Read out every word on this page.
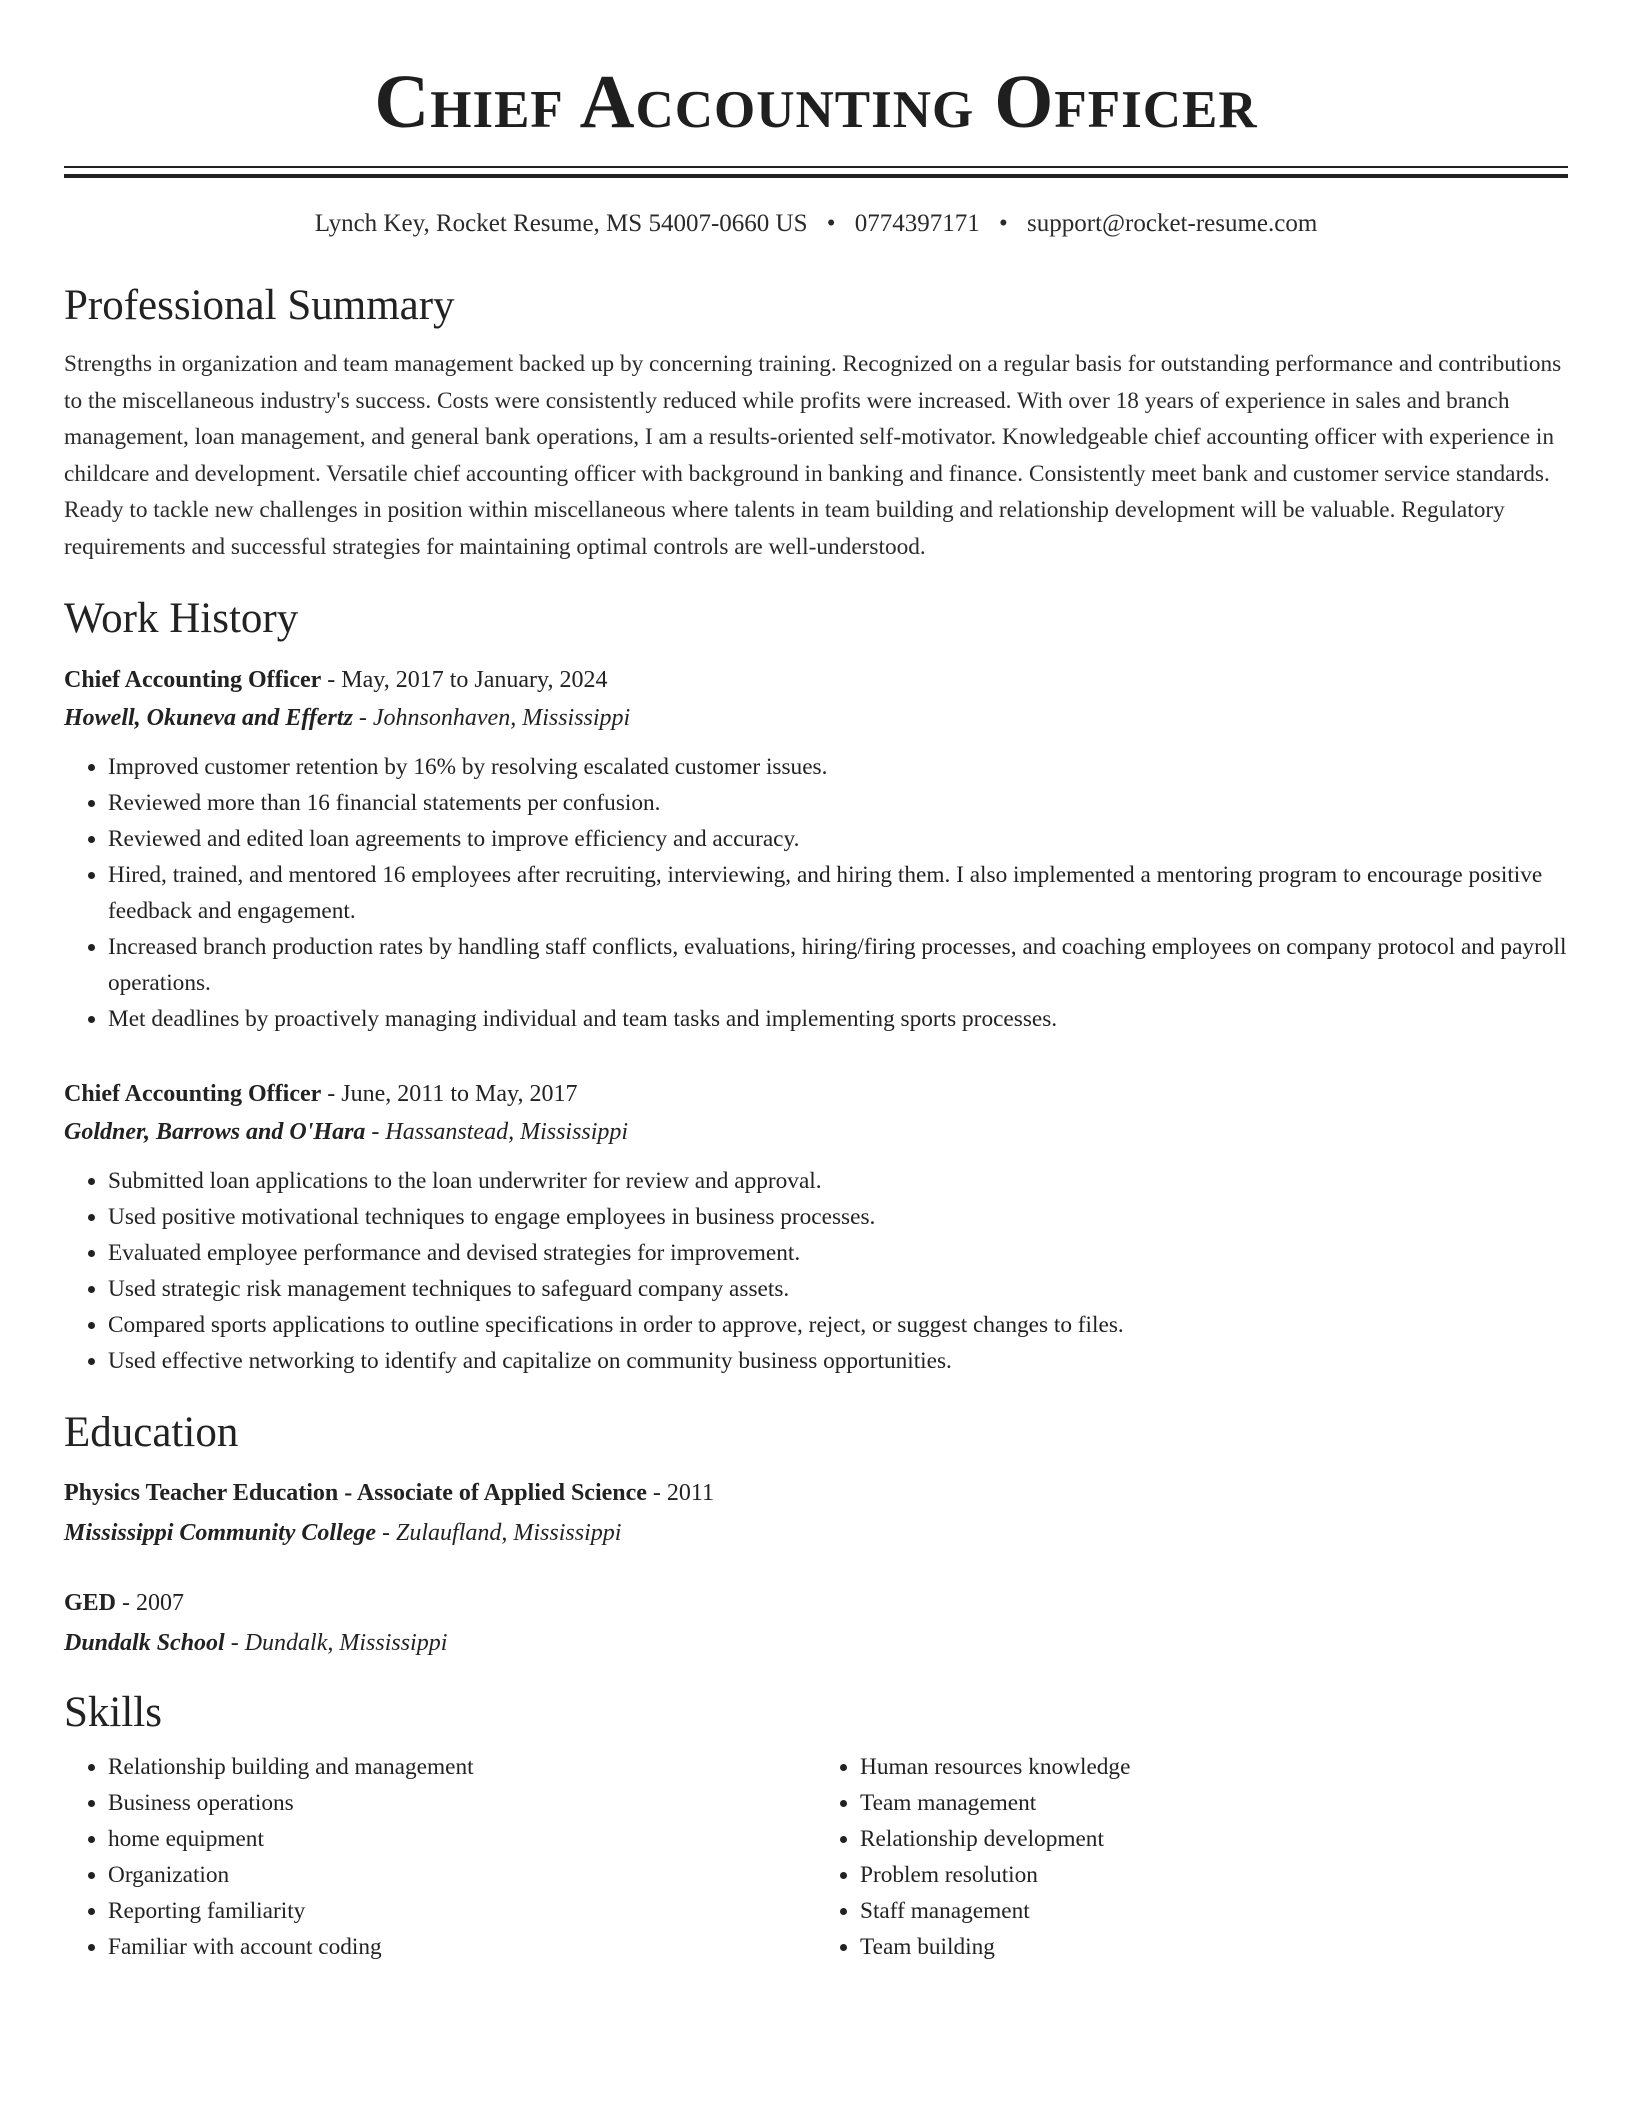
Chief Accounting Officer
Lynch Key, Rocket Resume, MS 54007-0660 US • 0774397171 • support@rocket-resume.com
Professional Summary

Strengths in organization and team management backed up by concerning training. Recognized on a regular basis for outstanding performance and contributions to the miscellaneous industry's success. Costs were consistently reduced while profits were increased. With over 18 years of experience in sales and branch management, loan management, and general bank operations, I am a results-oriented self-motivator. Knowledgeable chief accounting officer with experience in childcare and development. Versatile chief accounting officer with background in banking and finance. Consistently meet bank and customer service standards. Ready to tackle new challenges in position within miscellaneous where talents in team building and relationship development will be valuable. Regulatory requirements and successful strategies for maintaining optimal controls are well-understood.

Work History
Chief Accounting Officer - May, 2017 to January, 2024
Howell, Okuneva and Effertz - Johnsonhaven, Mississippi
• Improved customer retention by 16% by resolving escalated customer issues.
• Reviewed more than 16 financial statements per confusion.
• Reviewed and edited loan agreements to improve efficiency and accuracy.
• Hired, trained, and mentored 16 employees after recruiting, interviewing, and hiring them. I also implemented a mentoring program to encourage positive feedback and engagement.
• Increased branch production rates by handling staff conflicts, evaluations, hiring/firing processes, and coaching employees on company protocol and payroll operations.
• Met deadlines by proactively managing individual and team tasks and implementing sports processes.
Chief Accounting Officer - June, 2011 to May, 2017
Goldner, Barrows and O'Hara - Hassanstead, Mississippi
• Submitted loan applications to the loan underwriter for review and approval.
• Used positive motivational techniques to engage employees in business processes.
• Evaluated employee performance and devised strategies for improvement.
• Used strategic risk management techniques to safeguard company assets.
• Compared sports applications to outline specifications in order to approve, reject, or suggest changes to files.
• Used effective networking to identify and capitalize on community business opportunities.
Education
Physics Teacher Education - Associate of Applied Science - 2011
Mississippi Community College - Zulaufland, Mississippi
GED - 2007
Dundalk School - Dundalk, Mississippi
Skills
• Relationship building and management
• Business operations
• home equipment
• Organization
• Reporting familiarity
• Familiar with account coding
• Human resources knowledge
• Team management
• Relationship development
• Problem resolution
• Staff management
• Team building
